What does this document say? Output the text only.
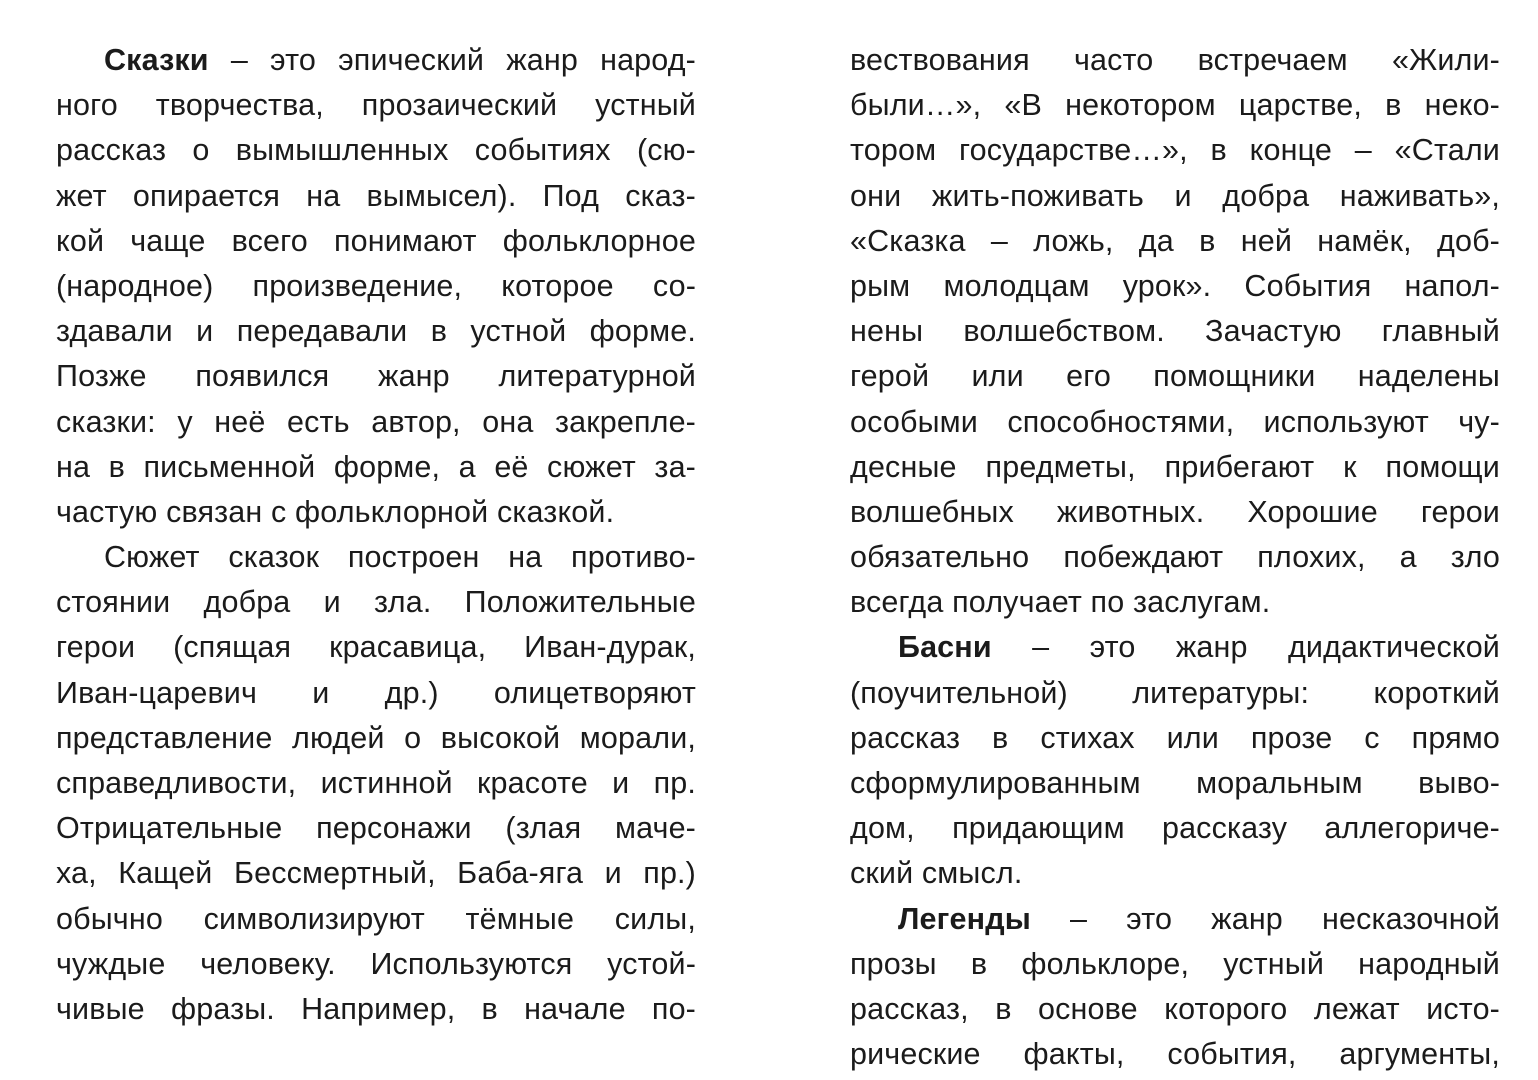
Сказки – это эпический жанр народ-
ного творчества, прозаический устный
рассказ о вымышленных событиях (сю-
жет опирается на вымысел). Под сказ-
кой чаще всего понимают фольклорное
(народное) произведение, которое со-
здавали и передавали в устной форме.
Позже появился жанр литературной
сказки: у неё есть автор, она закрепле-
на в письменной форме, а её сюжет за-
частую связан с фольклорной сказкой.
Сюжет сказок построен на противо-
стоянии добра и зла. Положительные
герои (спящая красавица, Иван-дурак,
Иван-царевич и др.) олицетворяют
представление людей о высокой морали,
справедливости, истинной красоте и пр.
Отрицательные персонажи (злая маче-
ха, Кащей Бессмертный, Баба-яга и пр.)
обычно символизируют тёмные силы,
чуждые человеку. Используются устой-
чивые фразы. Например, в начале по-
вествования часто встречаем «Жили-
были…», «В некотором царстве, в неко-
тором государстве…», в конце – «Стали
они жить-поживать и добра наживать»,
«Сказка – ложь, да в ней намёк, доб-
рым молодцам урок». События напол-
нены волшебством. Зачастую главный
герой или его помощники наделены
особыми способностями, используют чу-
десные предметы, прибегают к помощи
волшебных животных. Хорошие герои
обязательно побеждают плохих, а зло
всегда получает по заслугам.
Басни – это жанр дидактической
(поучительной) литературы: короткий
рассказ в стихах или прозе с прямо
сформулированным моральным выво-
дом, придающим рассказу аллегориче-
ский смысл.
Легенды – это жанр несказочной
прозы в фольклоре, устный народный
рассказ, в основе которого лежат исто-
рические факты, события, аргументы,
